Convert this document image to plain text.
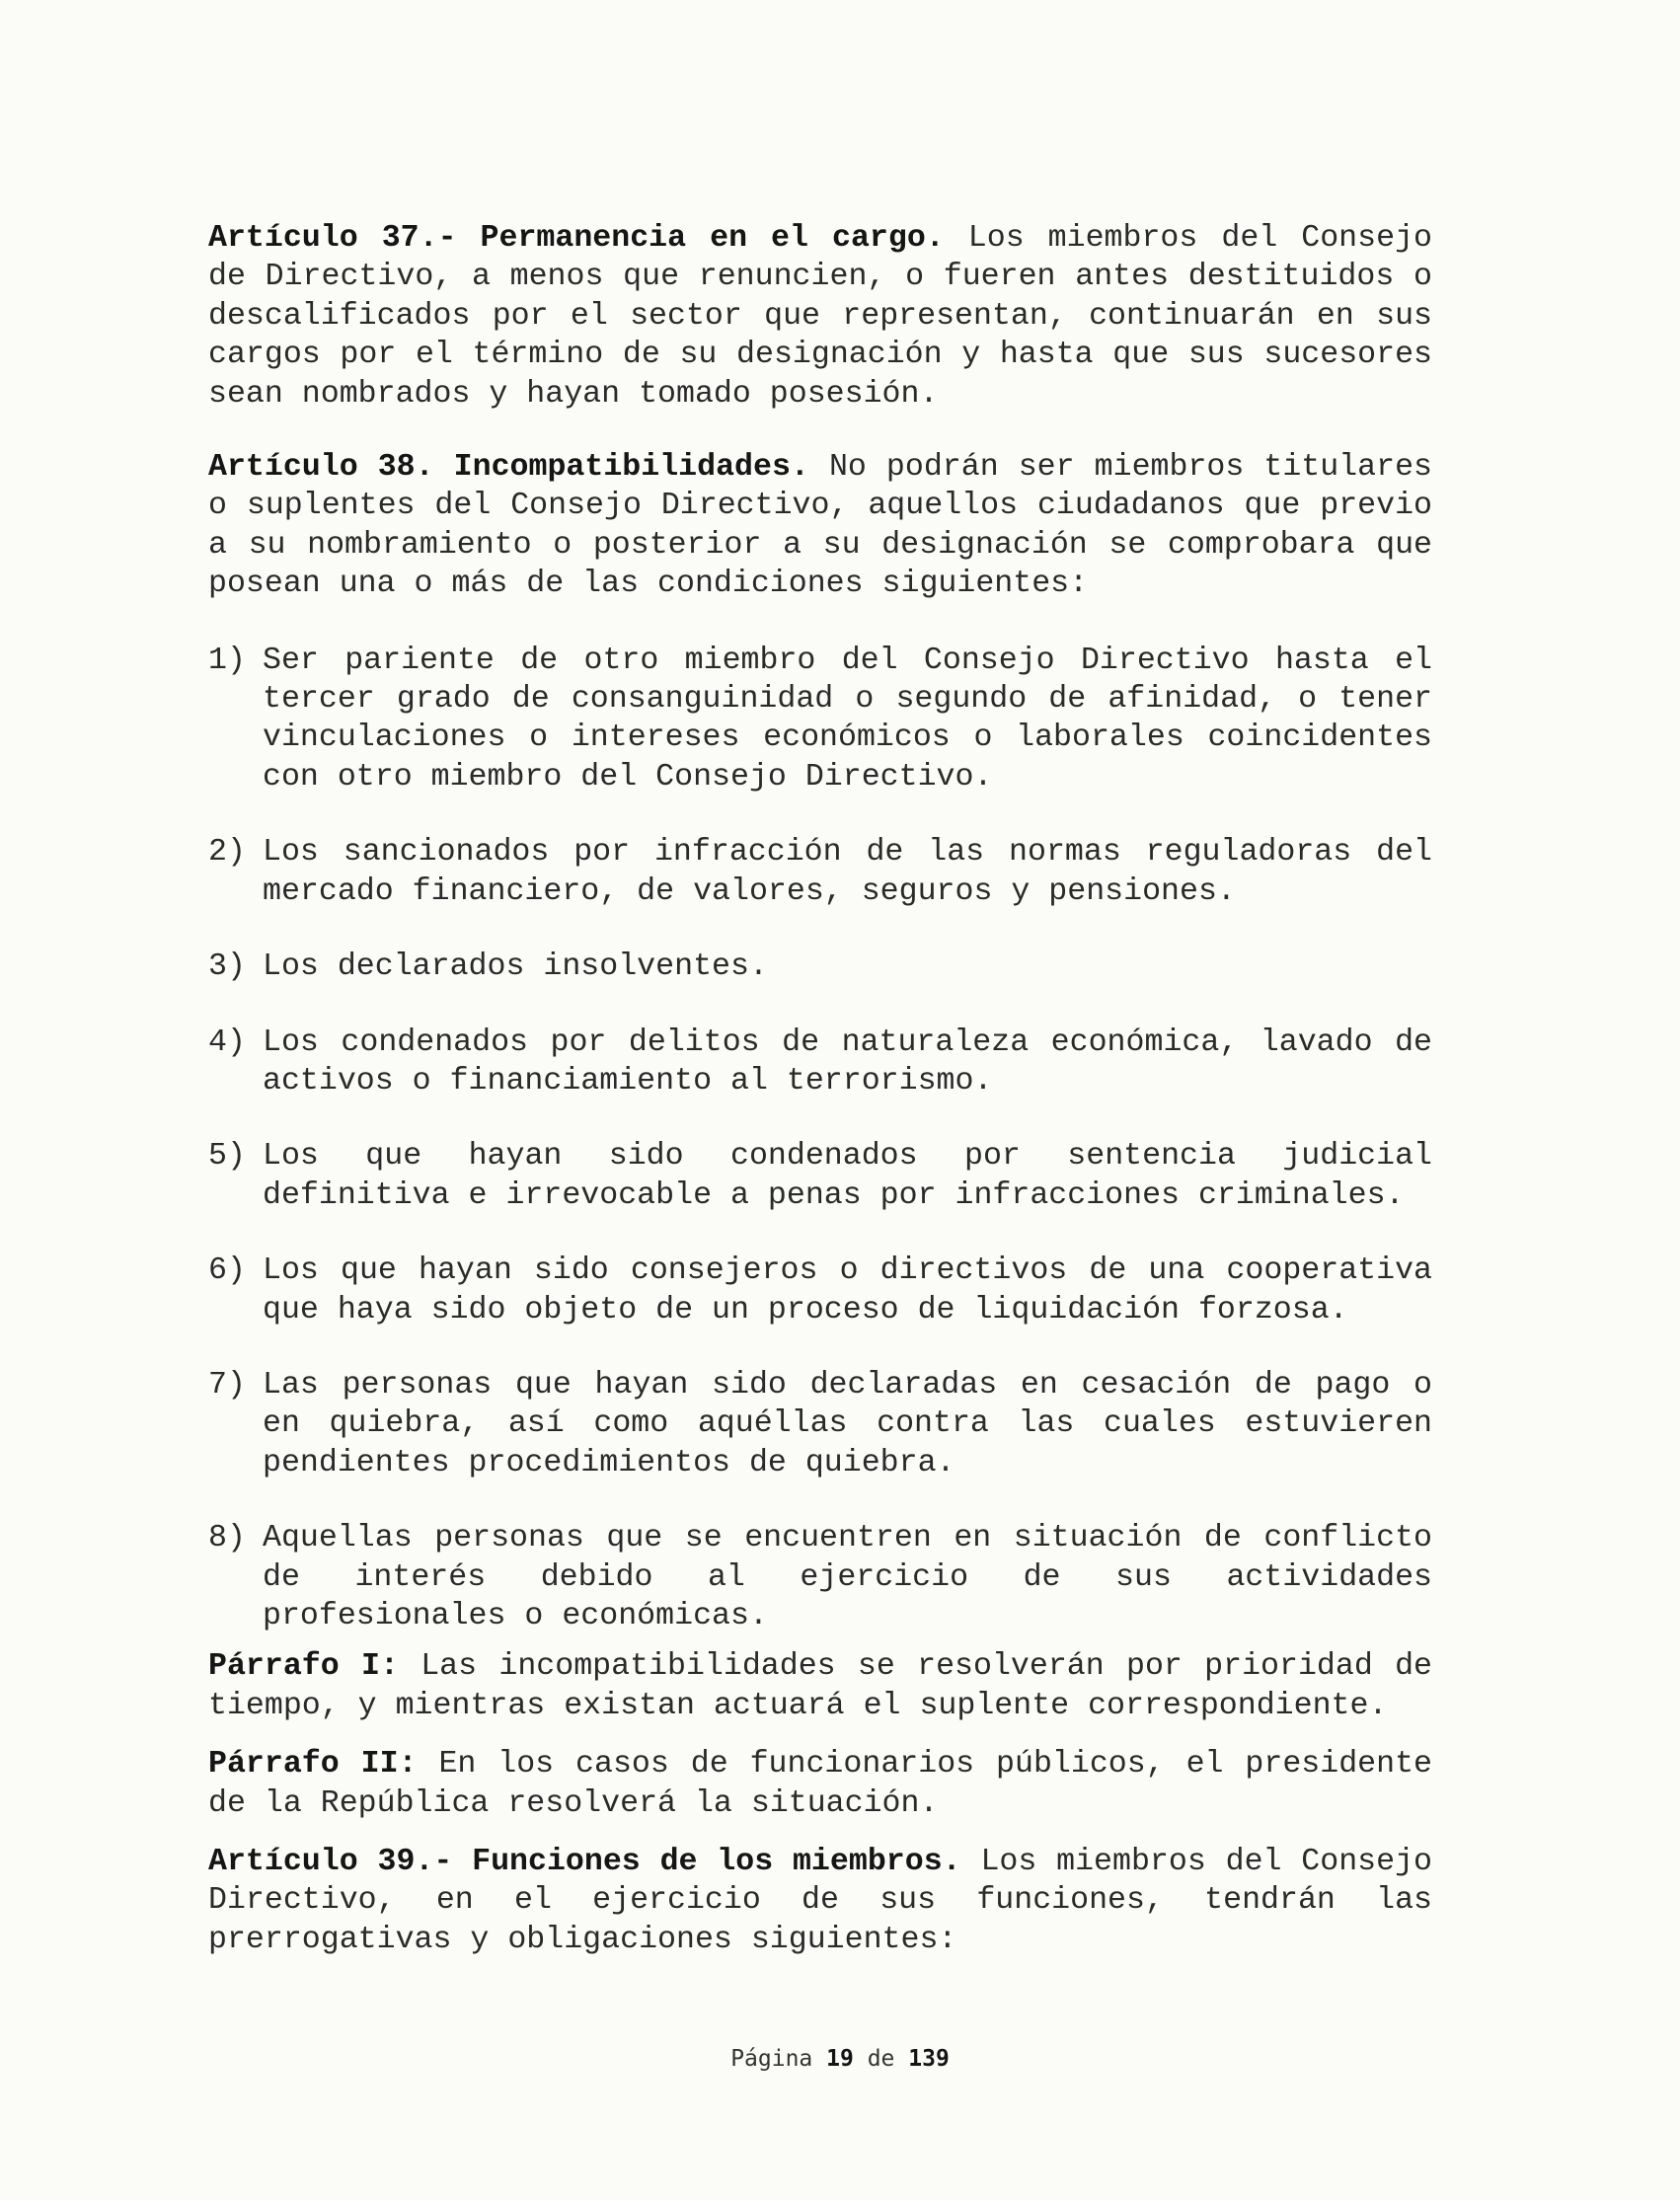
Artículo 37.- Permanencia en el cargo. Los miembros del Consejo de Directivo, a menos que renuncien, o fueren antes destituidos o descalificados por el sector que representan, continuarán en sus cargos por el término de su designación y hasta que sus sucesores sean nombrados y hayan tomado posesión.

Artículo 38. Incompatibilidades. No podrán ser miembros titulares o suplentes del Consejo Directivo, aquellos ciudadanos que previo a su nombramiento o posterior a su designación se comprobara que posean una o más de las condiciones siguientes:

1) Ser pariente de otro miembro del Consejo Directivo hasta el tercer grado de consanguinidad o segundo de afinidad, o tener vinculaciones o intereses económicos o laborales coincidentes con otro miembro del Consejo Directivo.
2) Los sancionados por infracción de las normas reguladoras del mercado financiero, de valores, seguros y pensiones.
3) Los declarados insolventes.
4) Los condenados por delitos de naturaleza económica, lavado de activos o financiamiento al terrorismo.
5) Los que hayan sido condenados por sentencia judicial definitiva e irrevocable a penas por infracciones criminales.
6) Los que hayan sido consejeros o directivos de una cooperativa que haya sido objeto de un proceso de liquidación forzosa.
7) Las personas que hayan sido declaradas en cesación de pago o en quiebra, así como aquéllas contra las cuales estuvieren pendientes procedimientos de quiebra.
8) Aquellas personas que se encuentren en situación de conflicto de interés debido al ejercicio de sus actividades profesionales o económicas.

Párrafo I: Las incompatibilidades se resolverán por prioridad de tiempo, y mientras existan actuará el suplente correspondiente.

Párrafo II: En los casos de funcionarios públicos, el presidente de la República resolverá la situación.

Artículo 39.- Funciones de los miembros. Los miembros del Consejo Directivo, en el ejercicio de sus funciones, tendrán las prerrogativas y obligaciones siguientes:

Página 19 de 139
